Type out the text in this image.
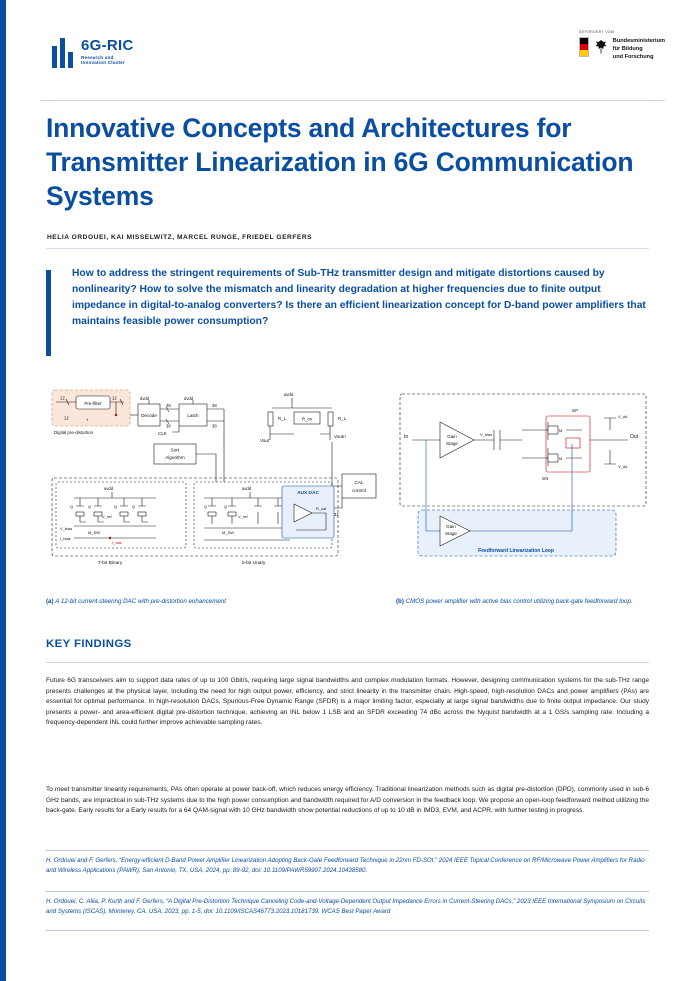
6G-RIC
Research and
Innovation Cluster
GEFÖRDERT VOM
Bundesministerium
für Bildung
und Forschung
Innovative Concepts and Architectures for Transmitter Linearization in 6G Communication Systems
HELIA ORDOUEI, KAI MISSELWITZ, MARCEL RUNGE, FRIEDEL GERFERS
How to address the stringent requirements of Sub-THz transmitter design and mitigate distortions caused by nonlinearity? How to solve the mismatch and linearity degradation at higher frequencies due to finite output impedance in digital-to-analog converters? Is there an efficient linearization concept for D-band power amplifiers that maintains feasible power consumption?
Pre-filter
12	12
+
Digital pre-distortion
12	Decode
dvdd
38
38
Latch
dvdd
CLK
38
38
Sort
Algorithm
avdd
R_L	R_L
R_on
Vout
Voutn
CAL
control
7-bit Binary	5-bit Unary
avdd
Q	Q	Q	Q
V_ref
V_bias
M_SW
I_bias
I_cas
avdd
Q	Q
V_ref
M_SW
AUX DAC
R_cal
31
In	Gain
Stage
V_bias
inP
M
M
inN
Out
V_dd
V_dd
Gain
Stage
Feedforward Linearization Loop
(a) A 12-bit current-steering DAC with pre-distortion enhancement	(b) CMOS power amplifier with active bias control utilizing back-gate feedforward loop.
KEY FINDINGS
Future 6G transceivers aim to support data rates of up to 100 Gbit/s, requiring large signal bandwidths and complex modulation formats. However, designing communication systems for the sub-THz range presents challenges at the physical layer, including the need for high output power, efficiency, and strict linearity in the transmitter chain. High-speed, high-resolution DACs and power amplifiers (PAs) are essential for optimal performance. In high-resolution DACs, Spurious-Free Dynamic Range (SFDR) is a major limiting factor, especially at large signal bandwidths due to finite output impedance. Our study presents a power- and area-efficient digital pre-distortion technique, achieving an INL below 1 LSB and an SFDR exceeding 74 dBc across the Nyquist bandwidth at a 1 GS/s sampling rate. Including a frequency-dependent INL could further improve achievable sampling rates.
To meet transmitter linearity requirements, PAs often operate at power back-off, which reduces energy efficiency. Traditional linearization methods such as digital pre-distortion (DPD), commonly used in sub-6 GHz bands, are impractical in sub-THz systems due to the high power consumption and bandwidth required for A/D conversion in the feedback loop. We propose an open-loop feedforward method utilizing the back-gate. Early results for a Early results for a 64 QAM-signal with 10 GHz bandwidth show potential reductions of up to 10 dB in IMD3, EVM, and ACPR, with further testing in progress.
H. Ordouei and F. Gerfers, “Energy-efficient D-Band Power Amplifier Linearization Adopting Back-Gate Feedforward Technique in 22nm FD-SOI,” 2024 IEEE Topical Conference on RF/Microwave Power Amplifiers for Radio and Wireless Applications (PAWR), San Antonio, TX, USA, 2024, pp. 89-92, doi: 10.1109/PAWR59907.2024.10438580.
H. Ordouei, C. Aliia, P. Kurth and F. Gerfers, “A Digital Pre-Distortion Technique Canceling Code-and-Voltage-Dependent Output Impedance Errors in Current-Steering DACs,” 2023 IEEE International Symposium on Circuits and Systems (ISCAS), Monterey, CA, USA, 2023, pp. 1-5, doi: 10.1109/ISCAS46773.2023.10181739. WCAS Best Paper Award
